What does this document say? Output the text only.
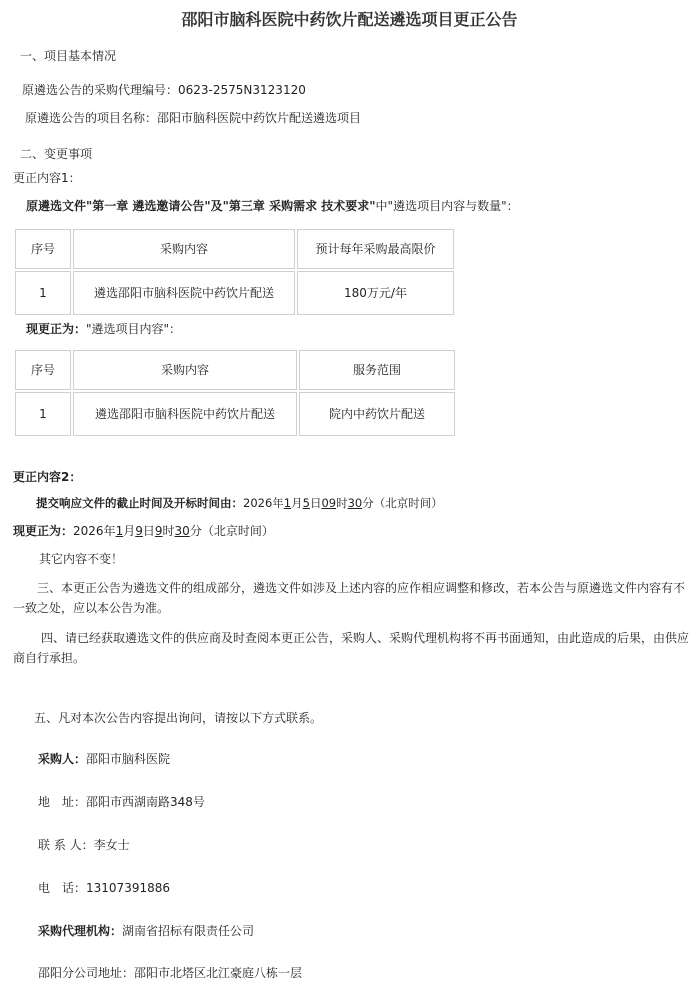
邵阳市脑科医院中药饮片配送遴选项目更正公告
一、项目基本情况
原遴选公告的采购代理编号：0623-2575N3123120
原遴选公告的项目名称：邵阳市脑科医院中药饮片配送遴选项目
二、变更事项
更正内容1：
原遴选文件"第一章 遴选邀请公告"及"第三章 采购需求 技术要求"中"遴选项目内容与数量"：
序号	采购内容	预计每年采购最高限价
1	遴选邵阳市脑科医院中药饮片配送	180万元/年
现更正为："遴选项目内容"：
序号	采购内容	服务范围
1	遴选邵阳市脑科医院中药饮片配送	院内中药饮片配送
更正内容2：
提交响应文件的截止时间及开标时间由：2026年1月5日09时30分（北京时间）
现更正为：2026年1月9日9时30分（北京时间）
其它内容不变！
三、本更正公告为遴选文件的组成部分，遴选文件如涉及上述内容的应作相应调整和修改，若本公告与原遴选文件内容有不一致之处，应以本公告为准。
四、请已经获取遴选文件的供应商及时查阅本更正公告，采购人、采购代理机构将不再书面通知，由此造成的后果，由供应商自行承担。
五、凡对本次公告内容提出询问，请按以下方式联系。
采购人：邵阳市脑科医院
地　址：邵阳市西湖南路348号
联 系 人：李女士
电　话：13107391886
采购代理机构：湖南省招标有限责任公司
邵阳分公司地址：邵阳市北塔区北江豪庭八栋一层
